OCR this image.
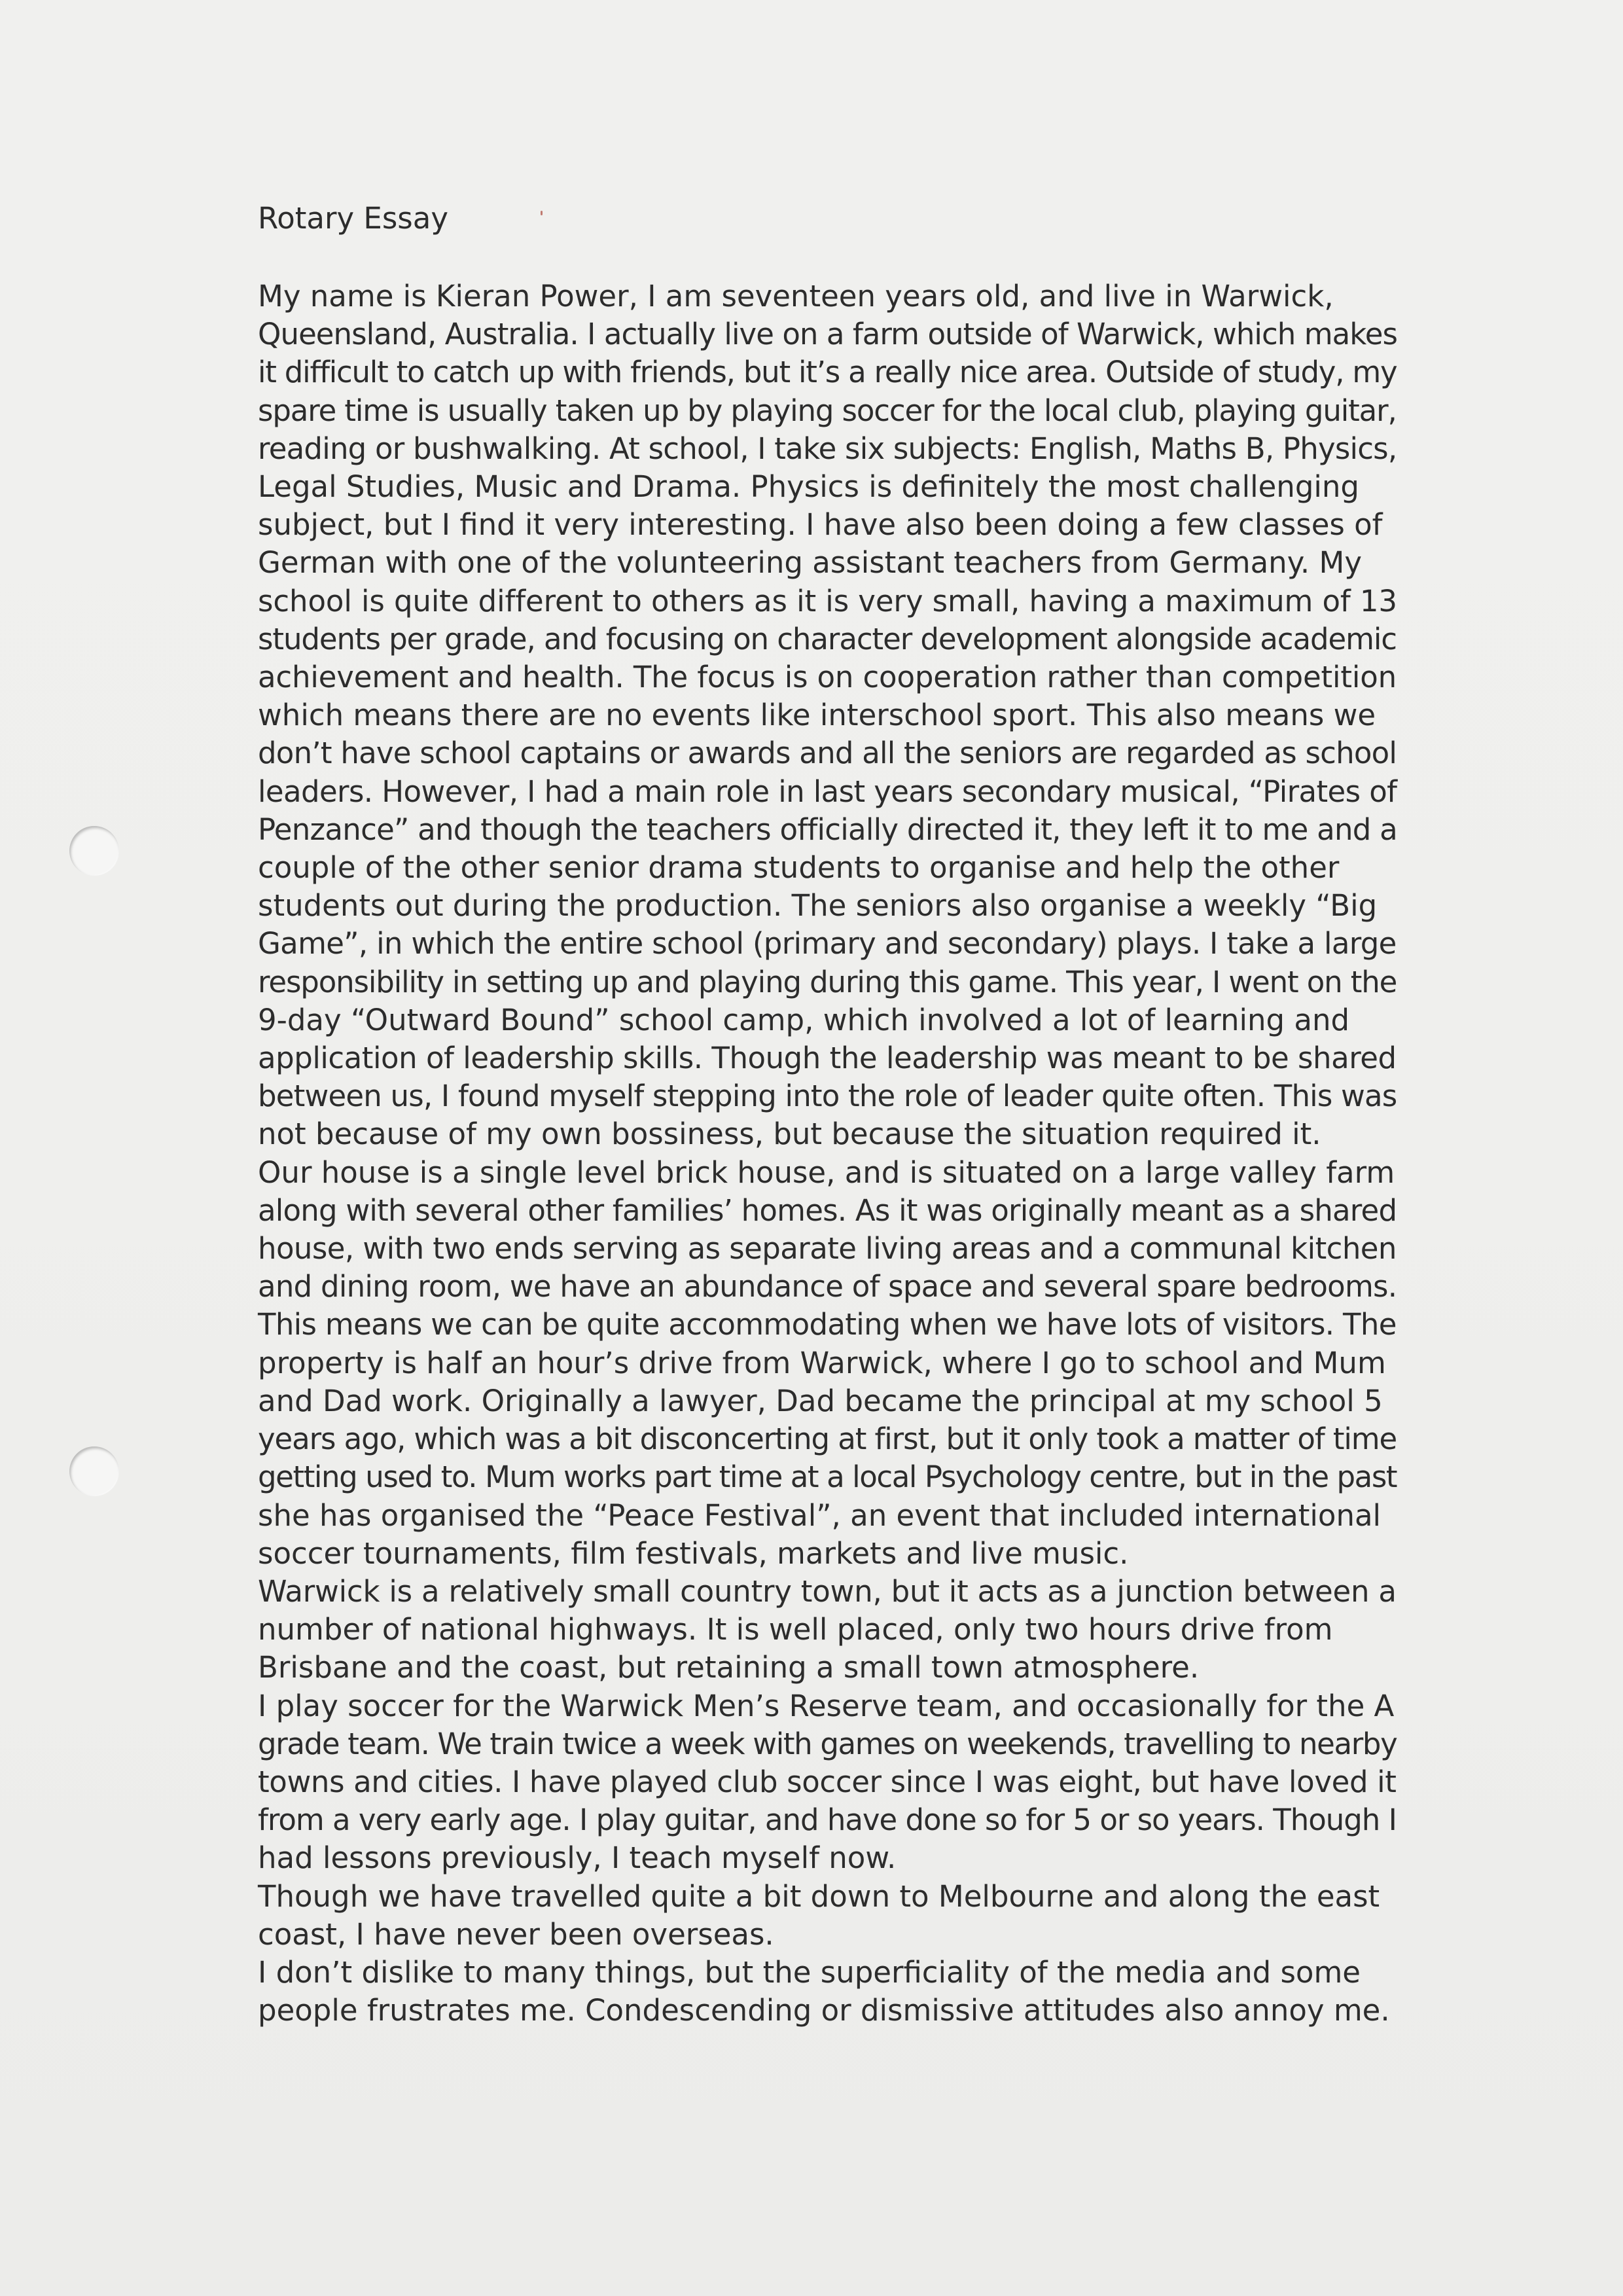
Rotary Essay

My name is Kieran Power, I am seventeen years old, and live in Warwick,
Queensland, Australia. I actually live on a farm outside of Warwick, which makes
it difficult to catch up with friends, but it’s a really nice area. Outside of study, my
spare time is usually taken up by playing soccer for the local club, playing guitar,
reading or bushwalking. At school, I take six subjects: English, Maths B, Physics,
Legal Studies, Music and Drama. Physics is definitely the most challenging
subject, but I find it very interesting. I have also been doing a few classes of
German with one of the volunteering assistant teachers from Germany. My
school is quite different to others as it is very small, having a maximum of 13
students per grade, and focusing on character development alongside academic
achievement and health. The focus is on cooperation rather than competition
which means there are no events like interschool sport. This also means we
don’t have school captains or awards and all the seniors are regarded as school
leaders. However, I had a main role in last years secondary musical, “Pirates of
Penzance” and though the teachers officially directed it, they left it to me and a
couple of the other senior drama students to organise and help the other
students out during the production. The seniors also organise a weekly “Big
Game”, in which the entire school (primary and secondary) plays. I take a large
responsibility in setting up and playing during this game. This year, I went on the
9-day “Outward Bound” school camp, which involved a lot of learning and
application of leadership skills. Though the leadership was meant to be shared
between us, I found myself stepping into the role of leader quite often. This was
not because of my own bossiness, but because the situation required it.

Our house is a single level brick house, and is situated on a large valley farm
along with several other families’ homes. As it was originally meant as a shared
house, with two ends serving as separate living areas and a communal kitchen
and dining room, we have an abundance of space and several spare bedrooms.
This means we can be quite accommodating when we have lots of visitors. The
property is half an hour’s drive from Warwick, where I go to school and Mum
and Dad work. Originally a lawyer, Dad became the principal at my school 5
years ago, which was a bit disconcerting at first, but it only took a matter of time
getting used to. Mum works part time at a local Psychology centre, but in the past
she has organised the “Peace Festival”, an event that included international
soccer tournaments, film festivals, markets and live music.

Warwick is a relatively small country town, but it acts as a junction between a
number of national highways. It is well placed, only two hours drive from
Brisbane and the coast, but retaining a small town atmosphere.

I play soccer for the Warwick Men’s Reserve team, and occasionally for the A
grade team. We train twice a week with games on weekends, travelling to nearby
towns and cities. I have played club soccer since I was eight, but have loved it
from a very early age. I play guitar, and have done so for 5 or so years. Though I
had lessons previously, I teach myself now.

Though we have travelled quite a bit down to Melbourne and along the east
coast, I have never been overseas.

I don’t dislike to many things, but the superficiality of the media and some
people frustrates me. Condescending or dismissive attitudes also annoy me.
